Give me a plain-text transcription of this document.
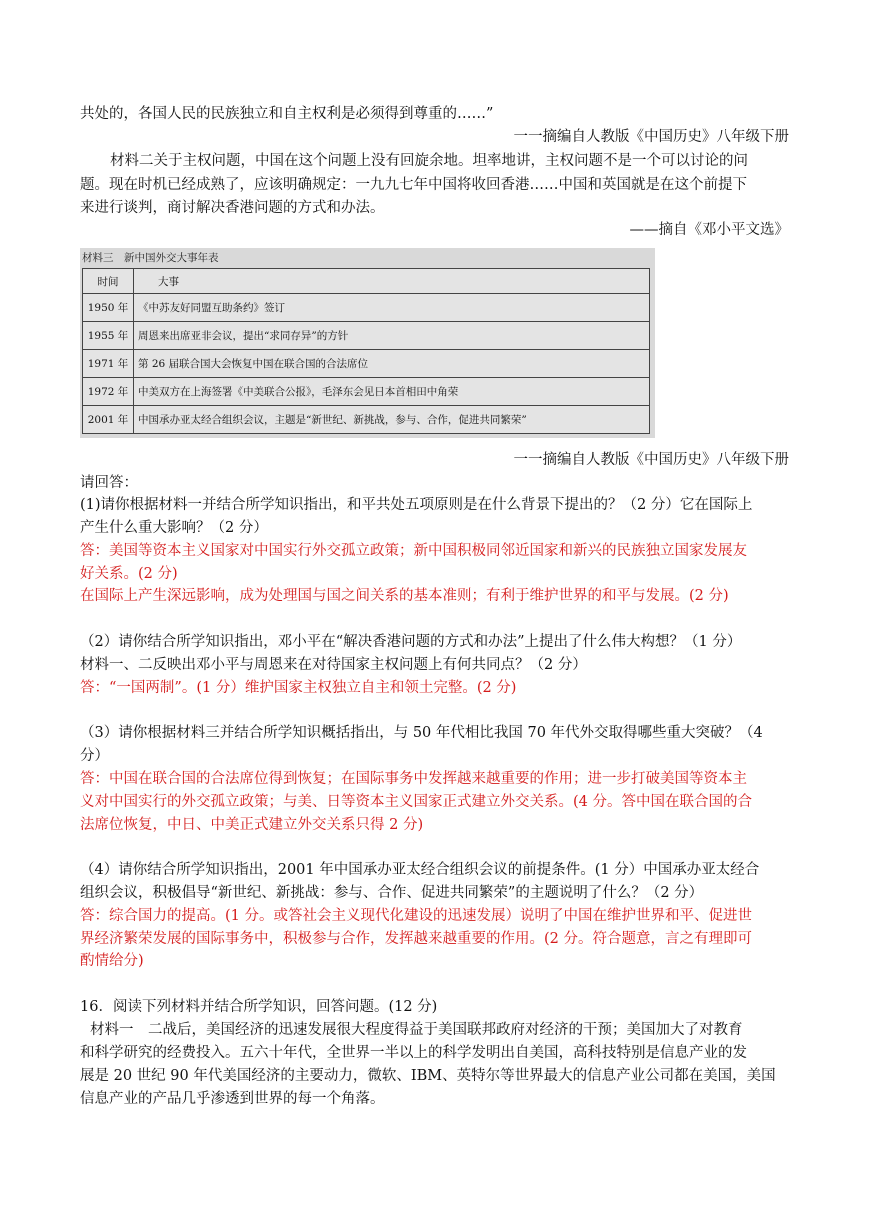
共处的，各国人民的民族独立和自主权利是必须得到尊重的……”
一一摘编自人教版《中国历史》八年级下册
材料二关于主权问题，中国在这个问题上没有回旋余地。坦率地讲，主权问题不是一个可以讨论的问
题。现在时机已经成熟了，应该明确规定：一九九七年中国将收回香港……中国和英国就是在这个前提下
来进行谈判，商讨解决香港问题的方式和办法。
——摘自《邓小平文选》
材料三　新中国外交大事年表
时间	大事
1950 年	《中苏友好同盟互助条约》签订
1955 年	周恩来出席亚非会议，提出“求同存异”的方针
1971 年	第 26 届联合国大会恢复中国在联合国的合法席位
1972 年	中美双方在上海签署《中美联合公报》，毛泽东会见日本首相田中角荣
2001 年	中国承办亚太经合组织会议，主题是“新世纪、新挑战，参与、合作，促进共同繁荣”
一一摘编自人教版《中国历史》八年级下册
请回答：
(1)请你根据材料一并结合所学知识指出，和平共处五项原则是在什么背景下提出的？（2 分）它在国际上
产生什么重大影响？（2 分）
答：美国等资本主义国家对中国实行外交孤立政策；新中国积极同邻近国家和新兴的民族独立国家发展友
好关系。(2 分)
在国际上产生深远影响，成为处理国与国之间关系的基本准则；有利于维护世界的和平与发展。(2 分)
（2）请你结合所学知识指出，邓小平在“解决香港问题的方式和办法”上提出了什么伟大构想？（1 分）
材料一、二反映出邓小平与周恩来在对待国家主权问题上有何共同点？（2 分）
答：“一国两制”。(1 分）维护国家主权独立自主和领土完整。(2 分)
（3）请你根据材料三并结合所学知识概括指出，与 50 年代相比我国 70 年代外交取得哪些重大突破？（4
分）
答：中国在联合国的合法席位得到恢复；在国际事务中发挥越来越重要的作用；进一步打破美国等资本主
义对中国实行的外交孤立政策；与美、日等资本主义国家正式建立外交关系。(4 分。答中国在联合国的合
法席位恢复，中日、中美正式建立外交关系只得 2 分)
（4）请你结合所学知识指出，2001 年中国承办亚太经合组织会议的前提条件。(1 分）中国承办亚太经合
组织会议，积极倡导“新世纪、新挑战：参与、合作、促进共同繁荣”的主题说明了什么？（2 分）
答：综合国力的提高。(1 分。或答社会主义现代化建设的迅速发展）说明了中国在维护世界和平、促进世
界经济繁荣发展的国际事务中，积极参与合作，发挥越来越重要的作用。(2 分。符合题意，言之有理即可
酌情给分)
16．阅读下列材料并结合所学知识，回答问题。(12 分)
材料一　二战后，美国经济的迅速发展很大程度得益于美国联邦政府对经济的干预；美国加大了对教育
和科学研究的经费投入。五六十年代，全世界一半以上的科学发明出自美国，高科技特别是信息产业的发
展是 20 世纪 90 年代美国经济的主要动力，微软、IBM、英特尔等世界最大的信息产业公司都在美国，美国
信息产业的产品几乎渗透到世界的每一个角落。
